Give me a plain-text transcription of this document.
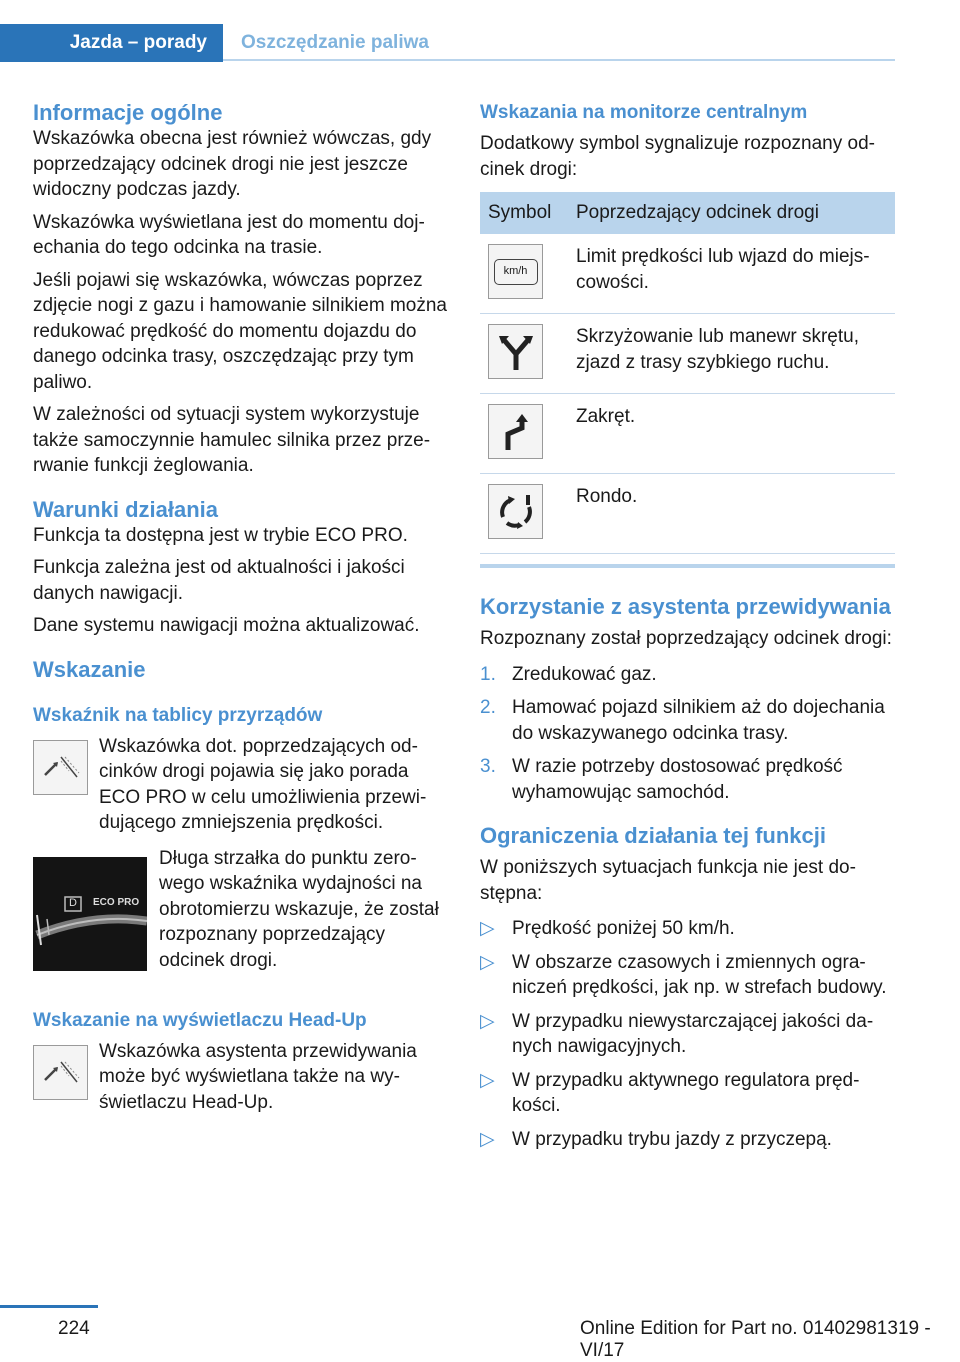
Jazda – porady	Oszczędzanie paliwa
Informacje ogólne

Wskazówka obecna jest również wówczas, gdy poprzedzający odcinek drogi nie jest jeszcze widoczny podczas jazdy.

Wskazówka wyświetlana jest do momentu dojechania do tego odcinka na trasie.

Jeśli pojawi się wskazówka, wówczas poprzez zdjęcie nogi z gazu i hamowanie silnikiem można redukować prędkość do momentu dojazdu do danego odcinka trasy, oszczędzając przy tym paliwo.

W zależności od sytuacji system wykorzystuje także samoczynnie hamulec silnika przez przerwanie funkcji żeglowania.

Warunki działania

Funkcja ta dostępna jest w trybie ECO PRO.

Funkcja zależna jest od aktualności i jakości danych nawigacji.

Dane systemu nawigacji można aktualizować.

Wskazanie
Wskaźnik na tablicy przyrządów

Wskazówka dot. poprzedzających odcinków drogi pojawia się jako porada ECO PRO w celu umożliwienia przewidującego zmniejszenia prędkości.

D ECO PRO

Długa strzałka do punktu zerowego wskaźnika wydajności na obrotomierzu wskazuje, że został rozpoznany poprzedzający odcinek drogi.

Wskazanie na wyświetlaczu Head-Up

Wskazówka asystenta przewidywania może być wyświetlana także na wyświetlaczu Head-Up.

Wskazania na monitorze centralnym

Dodatkowy symbol sygnalizuje rozpoznany odcinek drogi:

Symbol	Poprzedzający odcinek drogi

km/h	Limit prędkości lub wjazd do miejscowości.

	Skrzyżowanie lub manewr skrętu, zjazd z trasy szybkiego ruchu.

	Zakręt.

	Rondo.
Korzystanie z asystenta przewidywania

Rozpoznany został poprzedzający odcinek drogi:

1. Zredukować gaz.
2. Hamować pojazd silnikiem aż do dojechania do wskazywanego odcinka trasy.
3. W razie potrzeby dostosować prędkość wyhamowując samochód.
Ograniczenia działania tej funkcji

W poniższych sytuacjach funkcja nie jest dostępna:

▷ Prędkość poniżej 50 km/h.
▷ W obszarze czasowych i zmiennych ograniczeń prędkości, jak np. w strefach budowy.
▷ W przypadku niewystarczającej jakości danych nawigacyjnych.
▷ W przypadku aktywnego regulatora prędkości.
▷ W przypadku trybu jazdy z przyczepą.
224	Online Edition for Part no. 01402981319 - VI/17
